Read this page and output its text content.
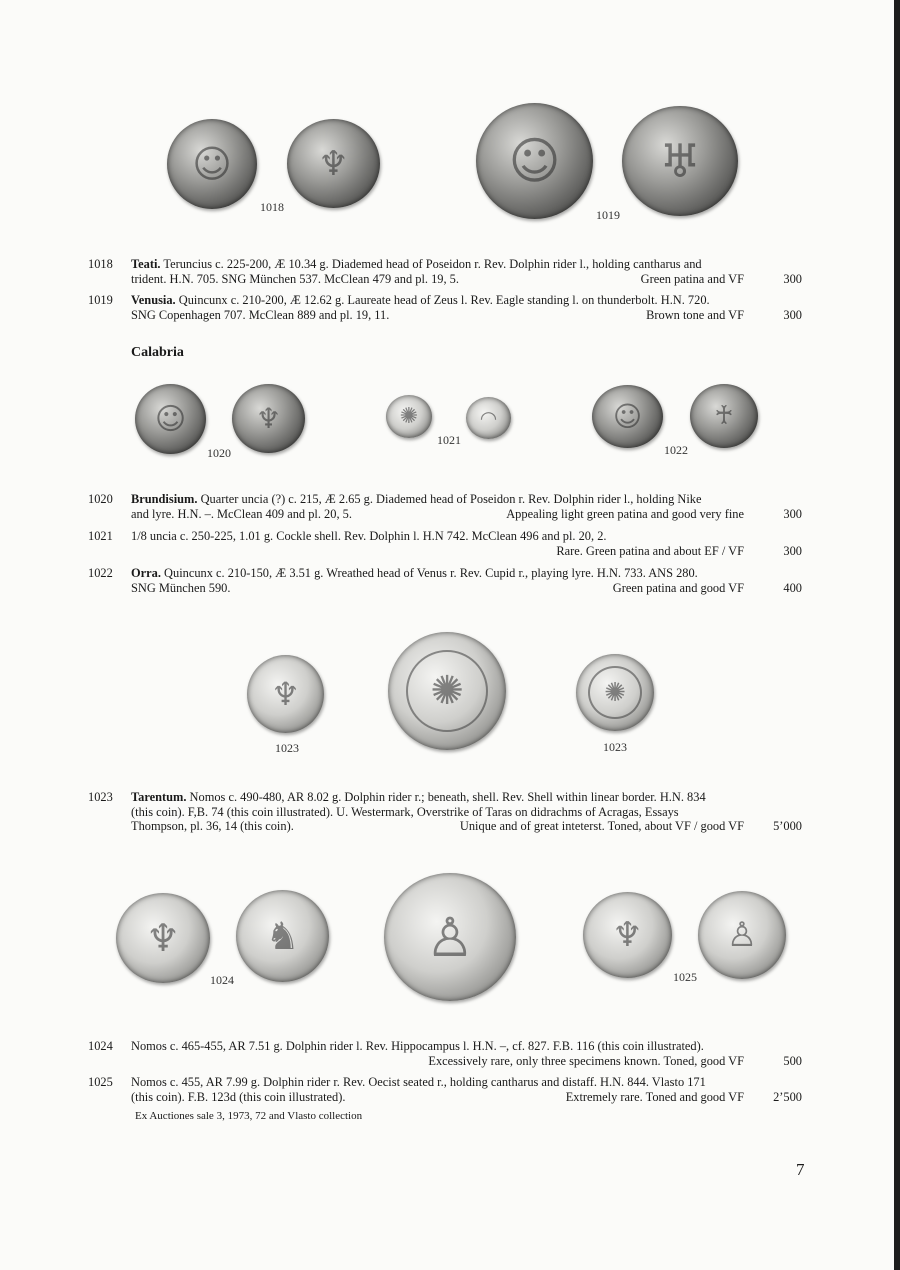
☺	♆
1018
☺	♅
1019
1018	Teati. Teruncius c. 225-200, Æ 10.34 g. Diademed head of Poseidon r. Rev. Dolphin rider l., holding cantharus and
trident. H.N. 705. SNG München 537. McClean 479 and pl. 19, 5.	Green patina and VF	300
1019	Venusia. Quincunx c. 210-200, Æ 12.62 g. Laureate head of Zeus l. Rev. Eagle standing l. on thunderbolt. H.N. 720.
SNG Copenhagen 707. McClean 889 and pl. 19, 11.	Brown tone and VF	300
Calabria
☺	♆
1020
✺	◠
1021
☺	♰
1022
1020	Brundisium. Quarter uncia (?) c. 215, Æ 2.65 g. Diademed head of Poseidon r. Rev. Dolphin rider l., holding Nike
and lyre. H.N. –. McClean 409 and pl. 20, 5.	Appealing light green patina and good very fine	300
1021	1/8 uncia c. 250-225, 1.01 g. Cockle shell. Rev. Dolphin l. H.N 742. McClean 496 and pl. 20, 2.
Rare. Green patina and about EF / VF	300
1022	Orra. Quincunx c. 210-150, Æ 3.51 g. Wreathed head of Venus r. Rev. Cupid r., playing lyre. H.N. 733. ANS 280.
SNG München 590.	Green patina and good VF	400
♆
1023
✺	✺
1023
1023	Tarentum. Nomos c. 490-480, AR 8.02 g. Dolphin rider r.; beneath, shell. Rev. Shell within linear border. H.N. 834
(this coin). F,B. 74 (this coin illustrated). U. Westermark, Overstrike of Taras on didrachms of Acragas, Essays
Thompson, pl. 36, 14 (this coin).	Unique and of great inteterst. Toned, about VF / good VF	5’000
♆	♞
1024
♙	♆	♙
1025
1024	Nomos c. 465-455, AR 7.51 g. Dolphin rider l. Rev. Hippocampus l. H.N. –, cf. 827. F.B. 116 (this coin illustrated).
Excessively rare, only three specimens known. Toned, good VF	500
1025	Nomos c. 455, AR 7.99 g. Dolphin rider r. Rev. Oecist seated r., holding cantharus and distaff. H.N. 844. Vlasto 171
(this coin). F.B. 123d (this coin illustrated).	Extremely rare. Toned and good VF	2’500
Ex Auctiones sale 3, 1973, 72 and Vlasto collection
7
